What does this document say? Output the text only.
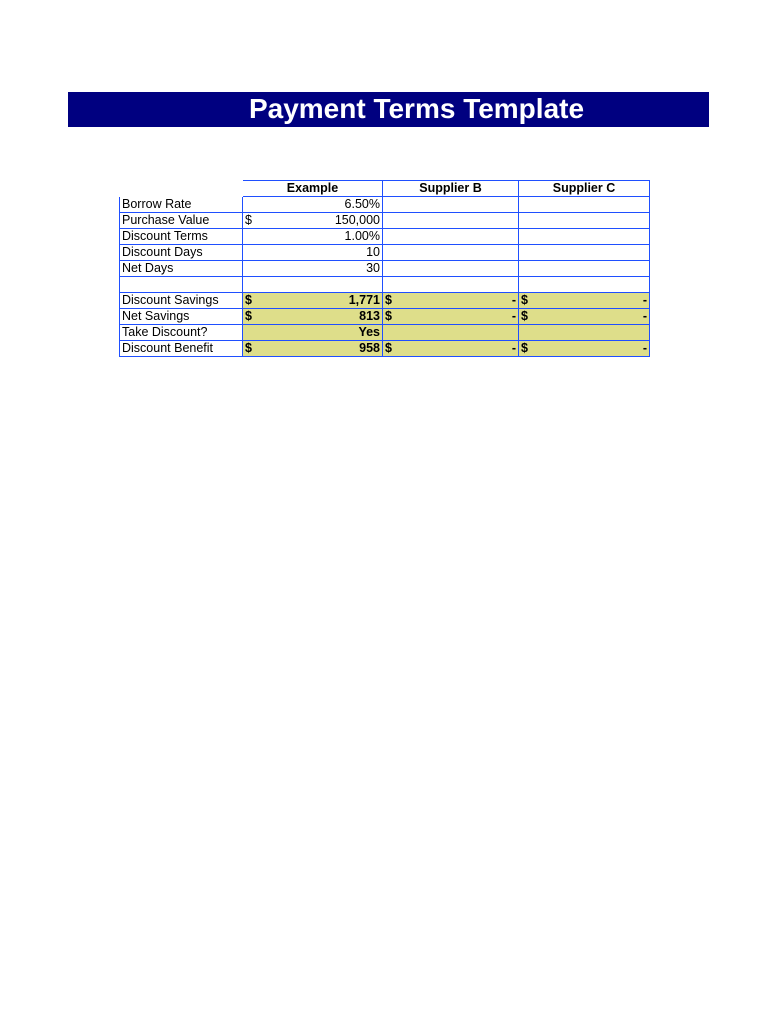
Payment Terms Template
	Example	Supplier B	Supplier C
Borrow Rate	6.50%		

Purchase Value	$ 150,000		

Discount Terms	1.00%		

Discount Days	10		

Net Days	30		

Discount Savings	$ 1,771	$ -	$ -

Net Savings	$ 813	$ -	$ -

Take Discount?	Yes		
Discount Benefit	$ 958	$ -	$ -
